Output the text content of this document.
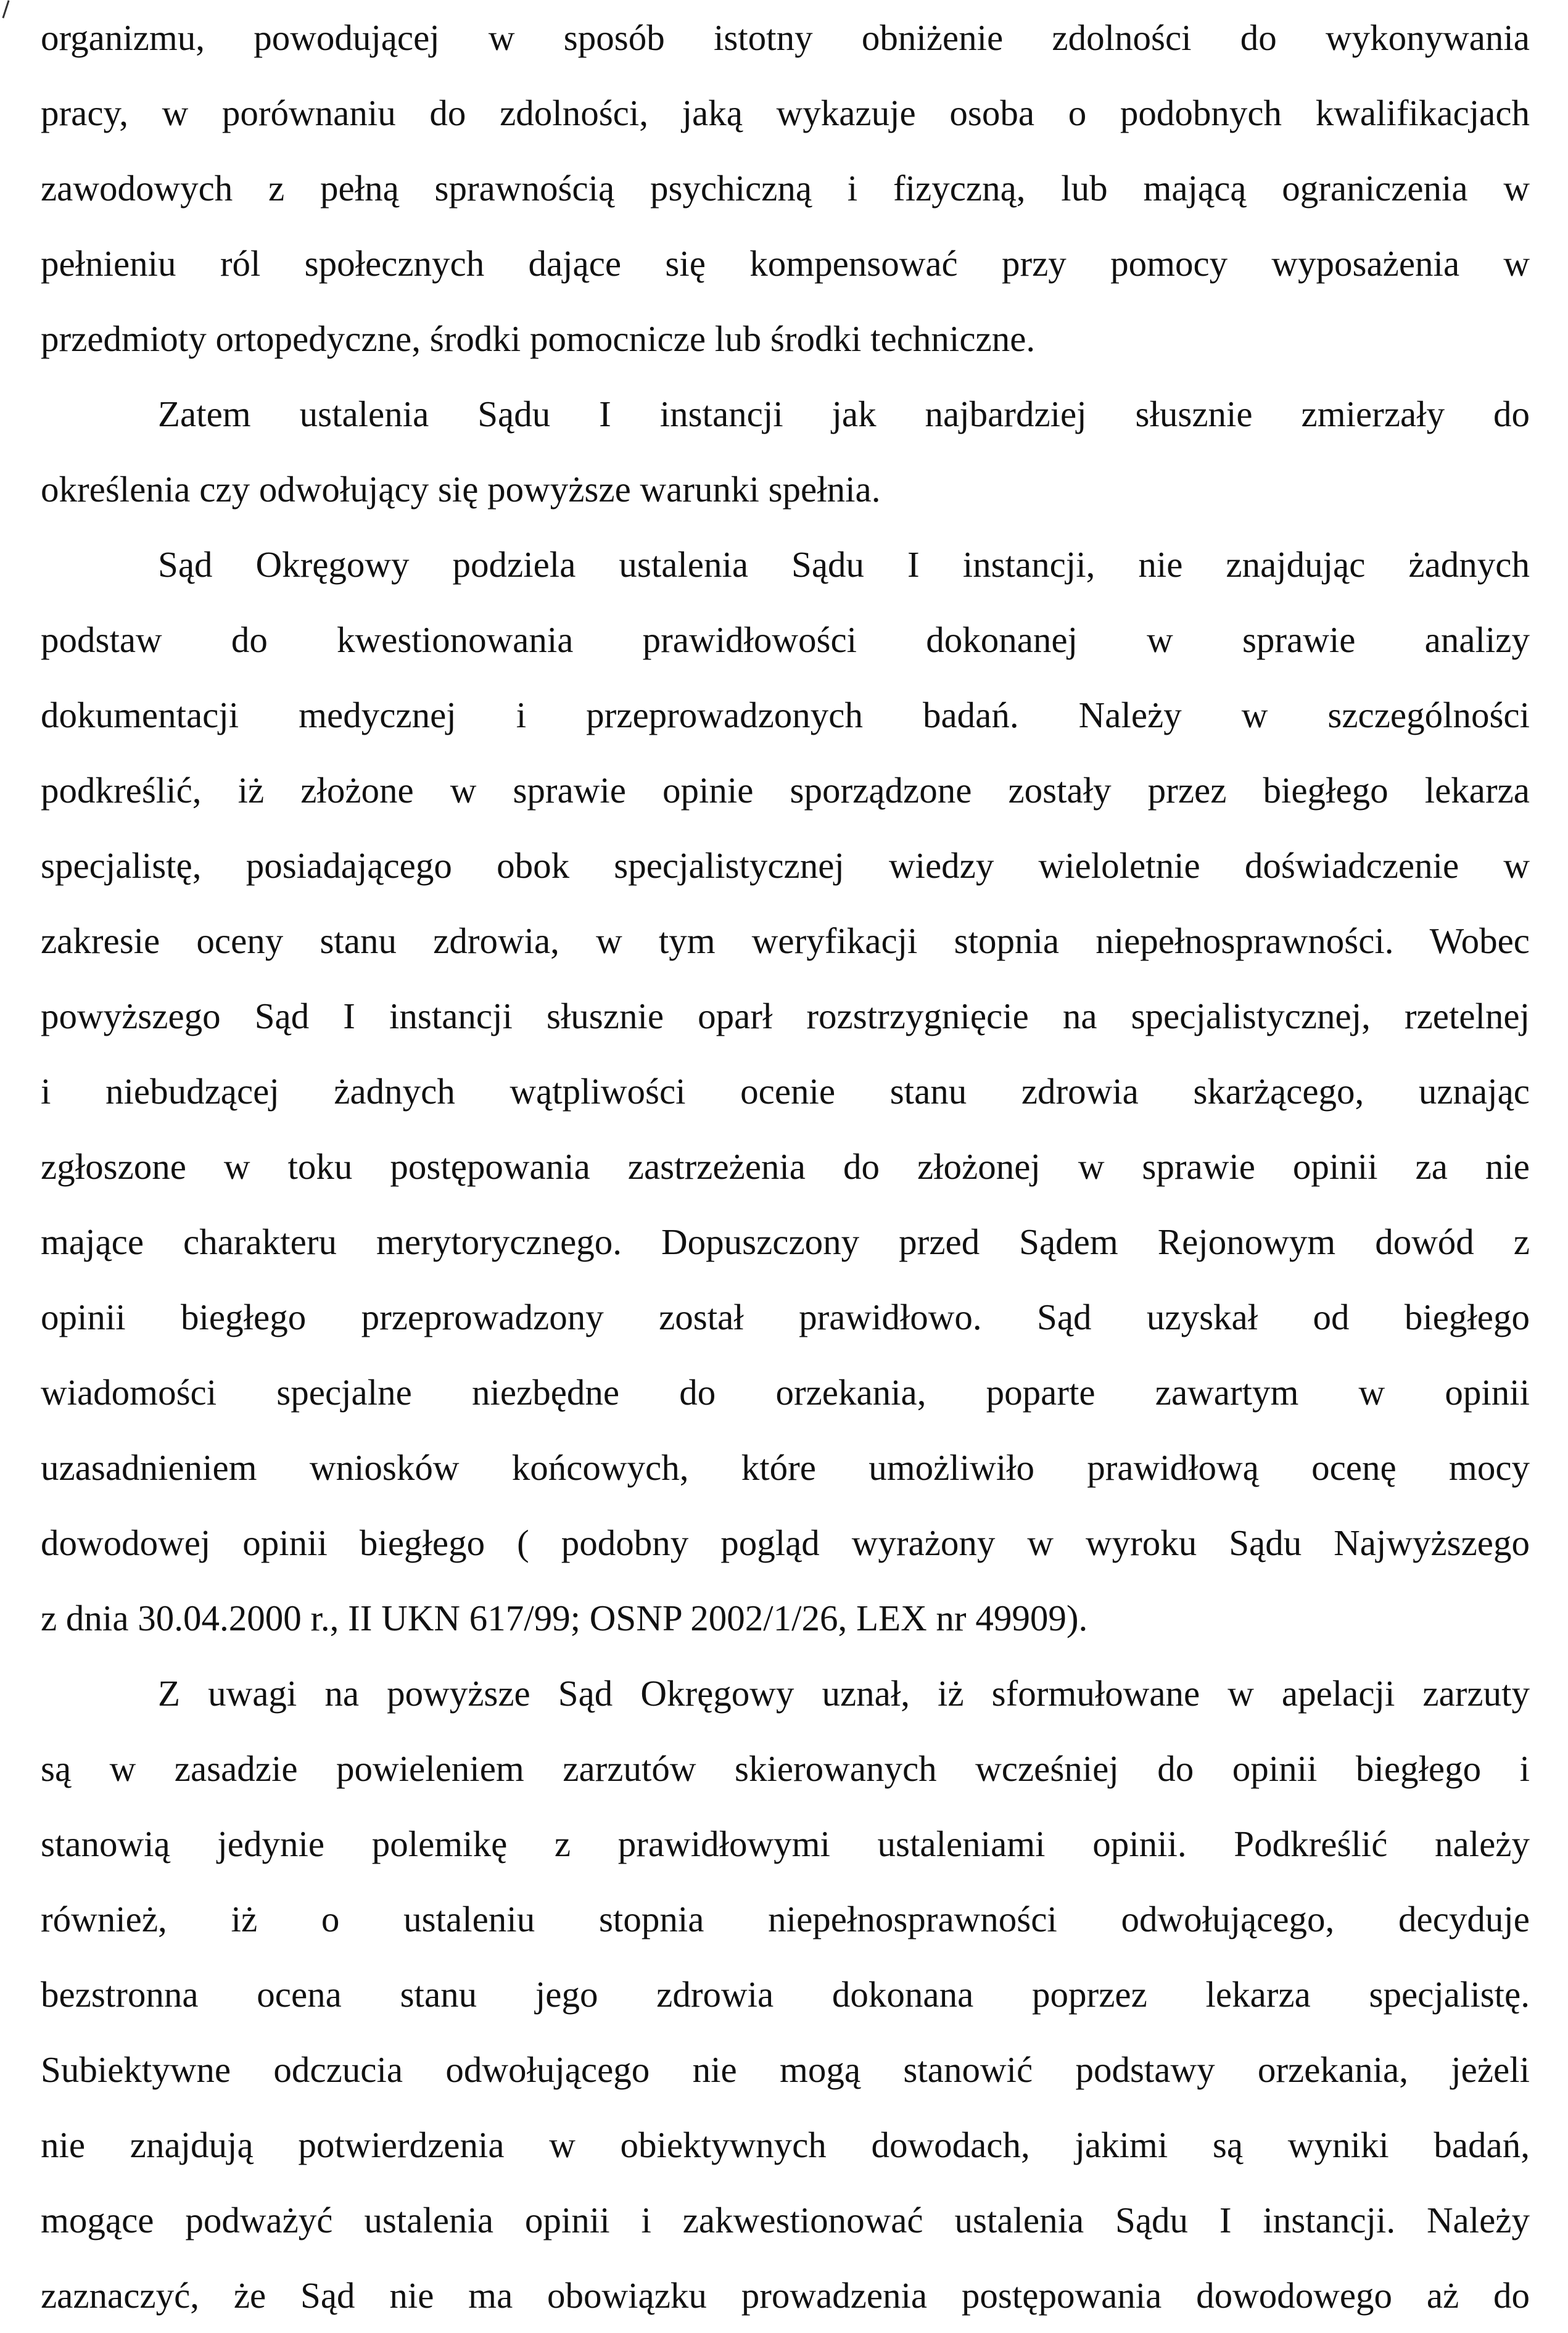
organizmu, powodującej w sposób istotny obniżenie zdolności do wykonywania
pracy, w porównaniu do zdolności, jaką wykazuje osoba o podobnych kwalifikacjach
zawodowych z pełną sprawnością psychiczną i fizyczną, lub mającą ograniczenia w
pełnieniu ról społecznych dające się kompensować przy pomocy wyposażenia w
przedmioty ortopedyczne, środki pomocnicze lub środki techniczne.
Zatem ustalenia Sądu I instancji jak najbardziej słusznie zmierzały do
określenia czy odwołujący się powyższe warunki spełnia.
Sąd Okręgowy podziela ustalenia Sądu I instancji, nie znajdując żadnych
podstaw do kwestionowania prawidłowości dokonanej w sprawie analizy
dokumentacji medycznej i przeprowadzonych badań. Należy w szczególności
podkreślić, iż złożone w sprawie opinie sporządzone zostały przez biegłego lekarza
specjalistę, posiadającego obok specjalistycznej wiedzy wieloletnie doświadczenie w
zakresie oceny stanu zdrowia, w tym weryfikacji stopnia niepełnosprawności. Wobec
powyższego Sąd I instancji słusznie oparł rozstrzygnięcie na specjalistycznej, rzetelnej
i niebudzącej żadnych wątpliwości ocenie stanu zdrowia skarżącego, uznając
zgłoszone w toku postępowania zastrzeżenia do złożonej w sprawie opinii za nie
mające charakteru merytorycznego. Dopuszczony przed Sądem Rejonowym dowód z
opinii biegłego przeprowadzony został prawidłowo. Sąd uzyskał od biegłego
wiadomości specjalne niezbędne do orzekania, poparte zawartym w opinii
uzasadnieniem wniosków końcowych, które umożliwiło prawidłową ocenę mocy
dowodowej opinii biegłego ( podobny pogląd wyrażony w wyroku Sądu Najwyższego
z dnia 30.04.2000 r., II UKN 617/99; OSNP 2002/1/26, LEX nr 49909).
Z uwagi na powyższe Sąd Okręgowy uznał, iż sformułowane w apelacji zarzuty
są w zasadzie powieleniem zarzutów skierowanych wcześniej do opinii biegłego i
stanowią jedynie polemikę z prawidłowymi ustaleniami opinii. Podkreślić należy
również, iż o ustaleniu stopnia niepełnosprawności odwołującego, decyduje
bezstronna ocena stanu jego zdrowia dokonana poprzez lekarza specjalistę.
Subiektywne odczucia odwołującego nie mogą stanowić podstawy orzekania, jeżeli
nie znajdują potwierdzenia w obiektywnych dowodach, jakimi są wyniki badań,
mogące podważyć ustalenia opinii i zakwestionować ustalenia Sądu I instancji. Należy
zaznaczyć, że Sąd nie ma obowiązku prowadzenia postępowania dowodowego aż do
